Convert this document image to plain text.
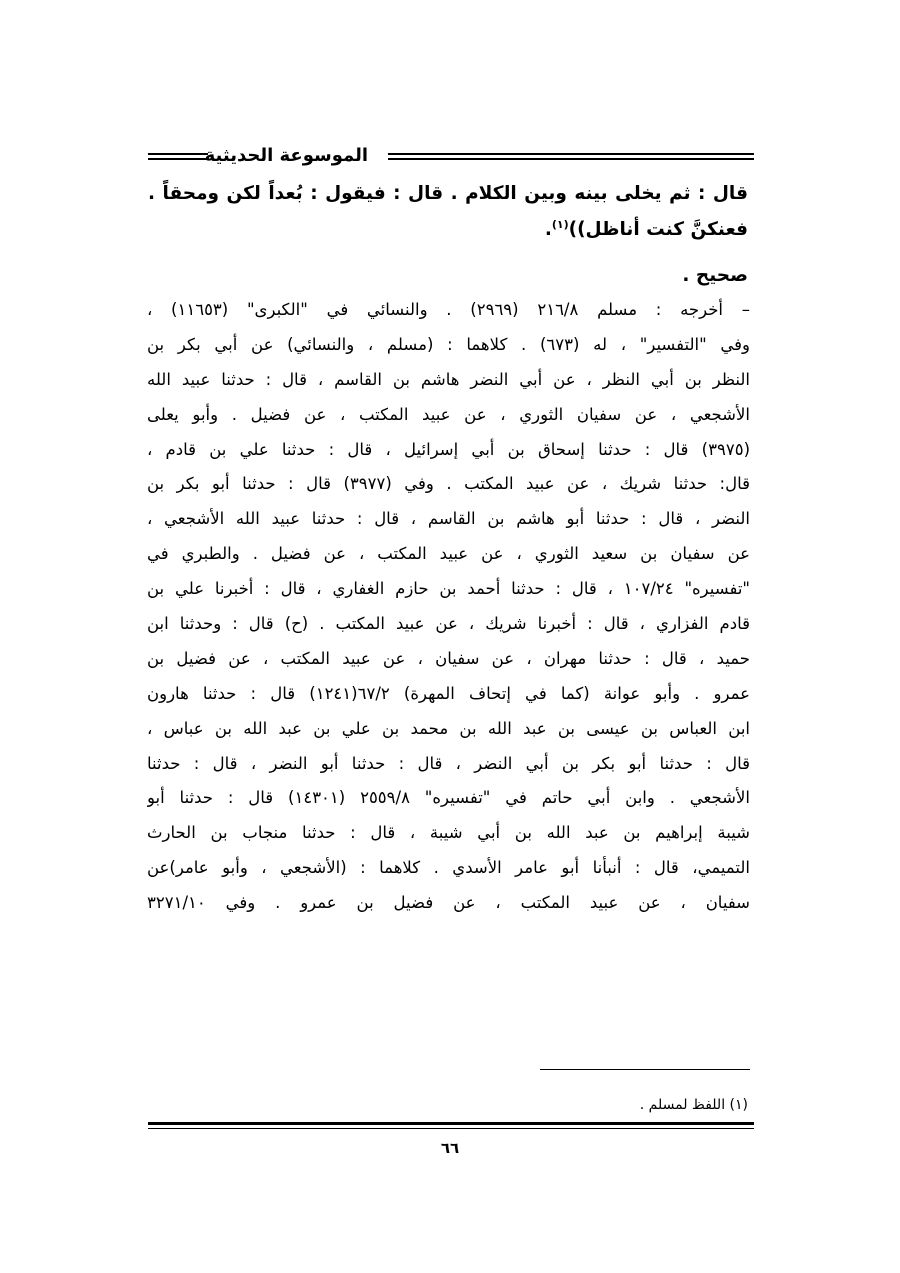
الموسوعة الحديثية
قال : ثم يخلى بينه وبين الكلام . قال : فيقول : بُعداً لكن ومحقاً . فعنكنَّ كنت أناظل))$^{(١)}$.
صحيح .
– أخرجه : مسلم ٢١٦/٨ (٢٩٦٩) . والنسائي في "الكبرى" (١١٦٥٣) ،
وفي "التفسير" ، له (٦٧٣) . كلاهما : (مسلم ، والنسائي) عن أبي بكر بن
النظر بن أبي النظر ، عن أبي النضر هاشم بن القاسم ، قال : حدثنا عبيد الله
الأشجعي ، عن سفيان الثوري ، عن عبيد المكتب ، عن فضيل . وأبو يعلى
(٣٩٧٥) قال : حدثنا إسحاق بن أبي إسرائيل ، قال : حدثنا علي بن قادم ،
قال: حدثنا شريك ، عن عبيد المكتب . وفي (٣٩٧٧) قال : حدثنا أبو بكر بن
النضر ، قال : حدثنا أبو هاشم بن القاسم ، قال : حدثنا عبيد الله الأشجعي ،
عن سفيان بن سعيد الثوري ، عن عبيد المكتب ، عن فضيل . والطبري في
"تفسيره" ١٠٧/٢٤ ، قال : حدثنا أحمد بن حازم الغفاري ، قال : أخبرنا علي بن
قادم الفزاري ، قال : أخبرنا شريك ، عن عبيد المكتب . (ح) قال : وحدثنا ابن
حميد ، قال : حدثنا مهران ، عن سفيان ، عن عبيد المكتب ، عن فضيل بن
عمرو . وأبو عوانة (كما في إتحاف المهرة) ٦٧/٢(١٢٤١) قال : حدثنا هارون
ابن العباس بن عيسى بن عبد الله بن محمد بن علي بن عبد الله بن عباس ،
قال : حدثنا أبو بكر بن أبي النضر ، قال : حدثنا أبو النضر ، قال : حدثنا
الأشجعي . وابن أبي حاتم في "تفسيره" ٢٥٥٩/٨ (١٤٣٠١) قال : حدثنا أبو
شيبة إبراهيم بن عبد الله بن أبي شيبة ، قال : حدثنا منجاب بن الحارث
التميمي، قال : أنبأنا أبو عامر الأسدي . كلاهما : (الأشجعي ، وأبو عامر)عن
سفيان ، عن عبيد المكتب ، عن فضيل بن عمرو . وفي ٣٢٧١/١٠
(١) اللفظ لمسلم .
٦٦
